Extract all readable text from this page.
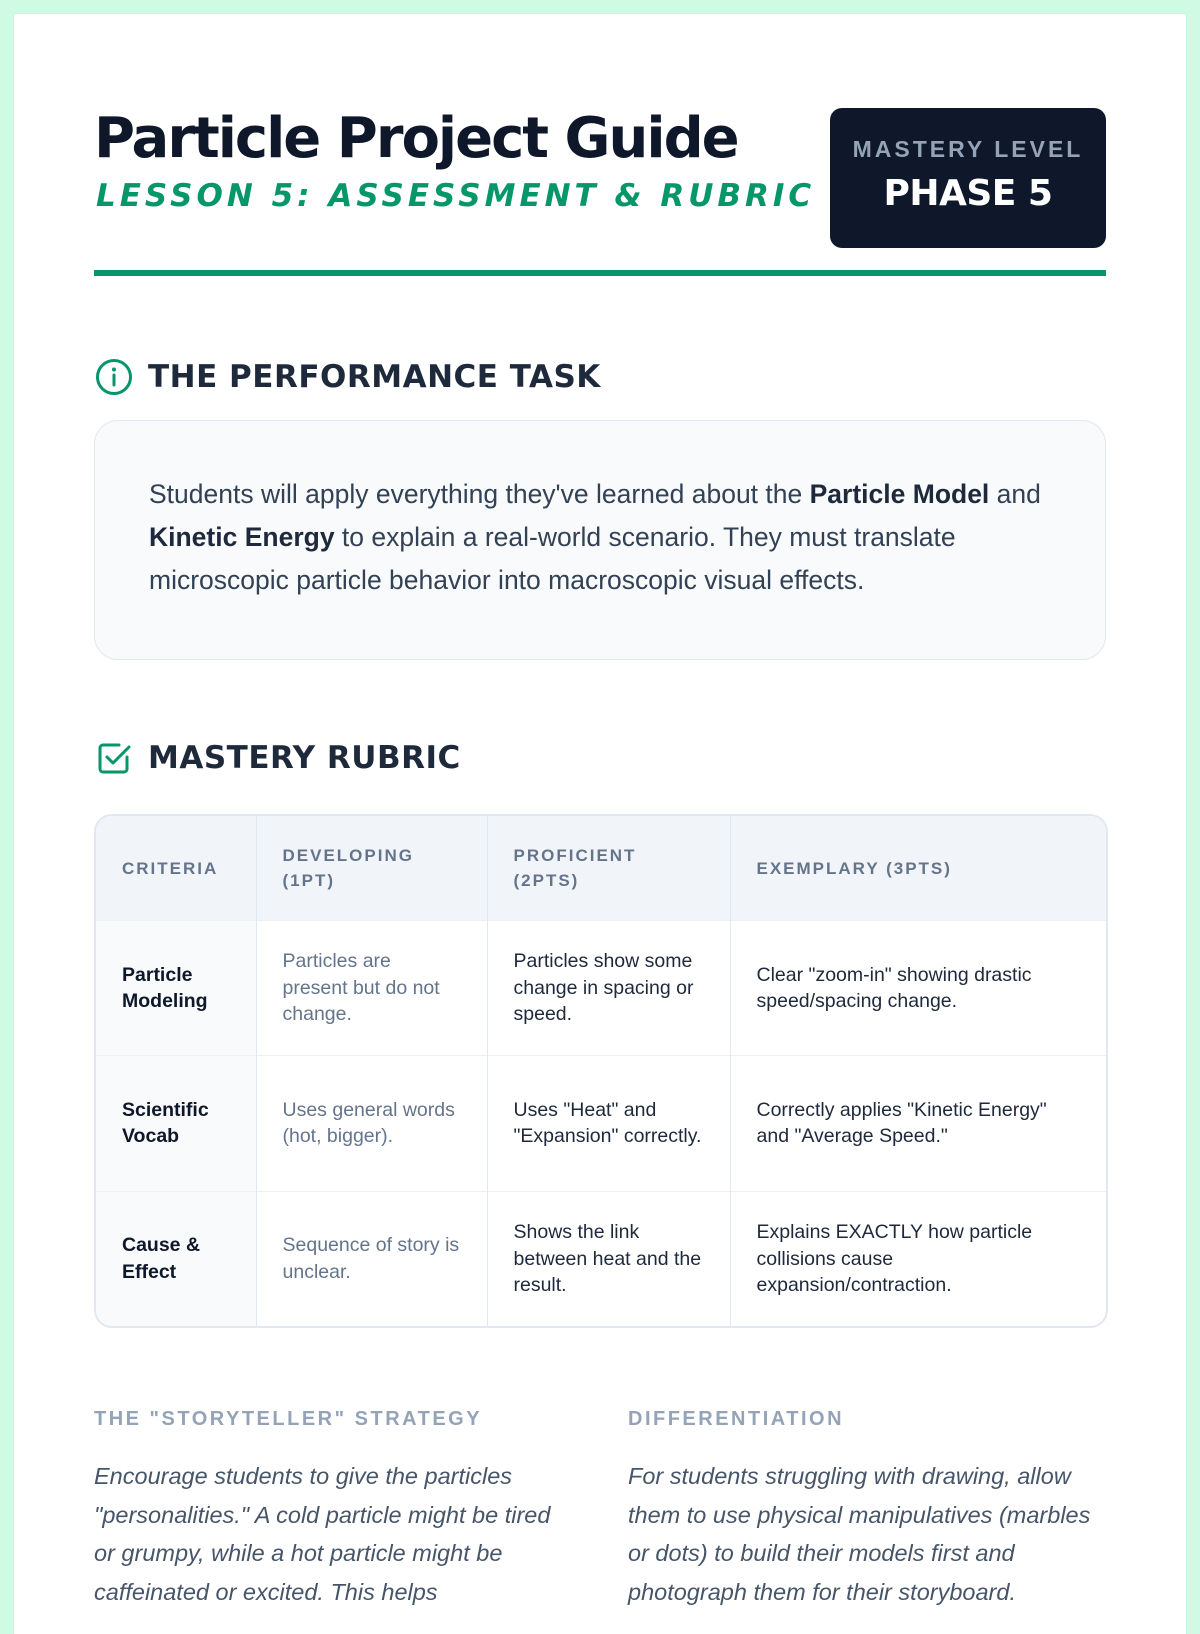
Particle Project Guide
LESSON 5: ASSESSMENT & RUBRIC
MASTERY LEVEL
PHASE 5
THE PERFORMANCE TASK
Students will apply everything they've learned about the Particle Model and Kinetic Energy to explain a real-world scenario. They must translate microscopic particle behavior into macroscopic visual effects.
MASTERY RUBRIC
CRITERIA	DEVELOPING (1PT)	PROFICIENT (2PTS)	EXEMPLARY (3PTS)
Particle Modeling	Particles are present but do not change.	Particles show some change in spacing or speed.	Clear "zoom-in" showing drastic speed/spacing change.
Scientific Vocab	Uses general words (hot, bigger).	Uses "Heat" and "Expansion" correctly.	Correctly applies "Kinetic Energy" and "Average Speed."
Cause & Effect	Sequence of story is unclear.	Shows the link between heat and the result.	Explains EXACTLY how particle collisions cause expansion/contraction.
THE "STORYTELLER" STRATEGY
Encourage students to give the particles "personalities." A cold particle might be tired or grumpy, while a hot particle might be caffeinated or excited. This helps
DIFFERENTIATION
For students struggling with drawing, allow them to use physical manipulatives (marbles or dots) to build their models first and photograph them for their storyboard.
